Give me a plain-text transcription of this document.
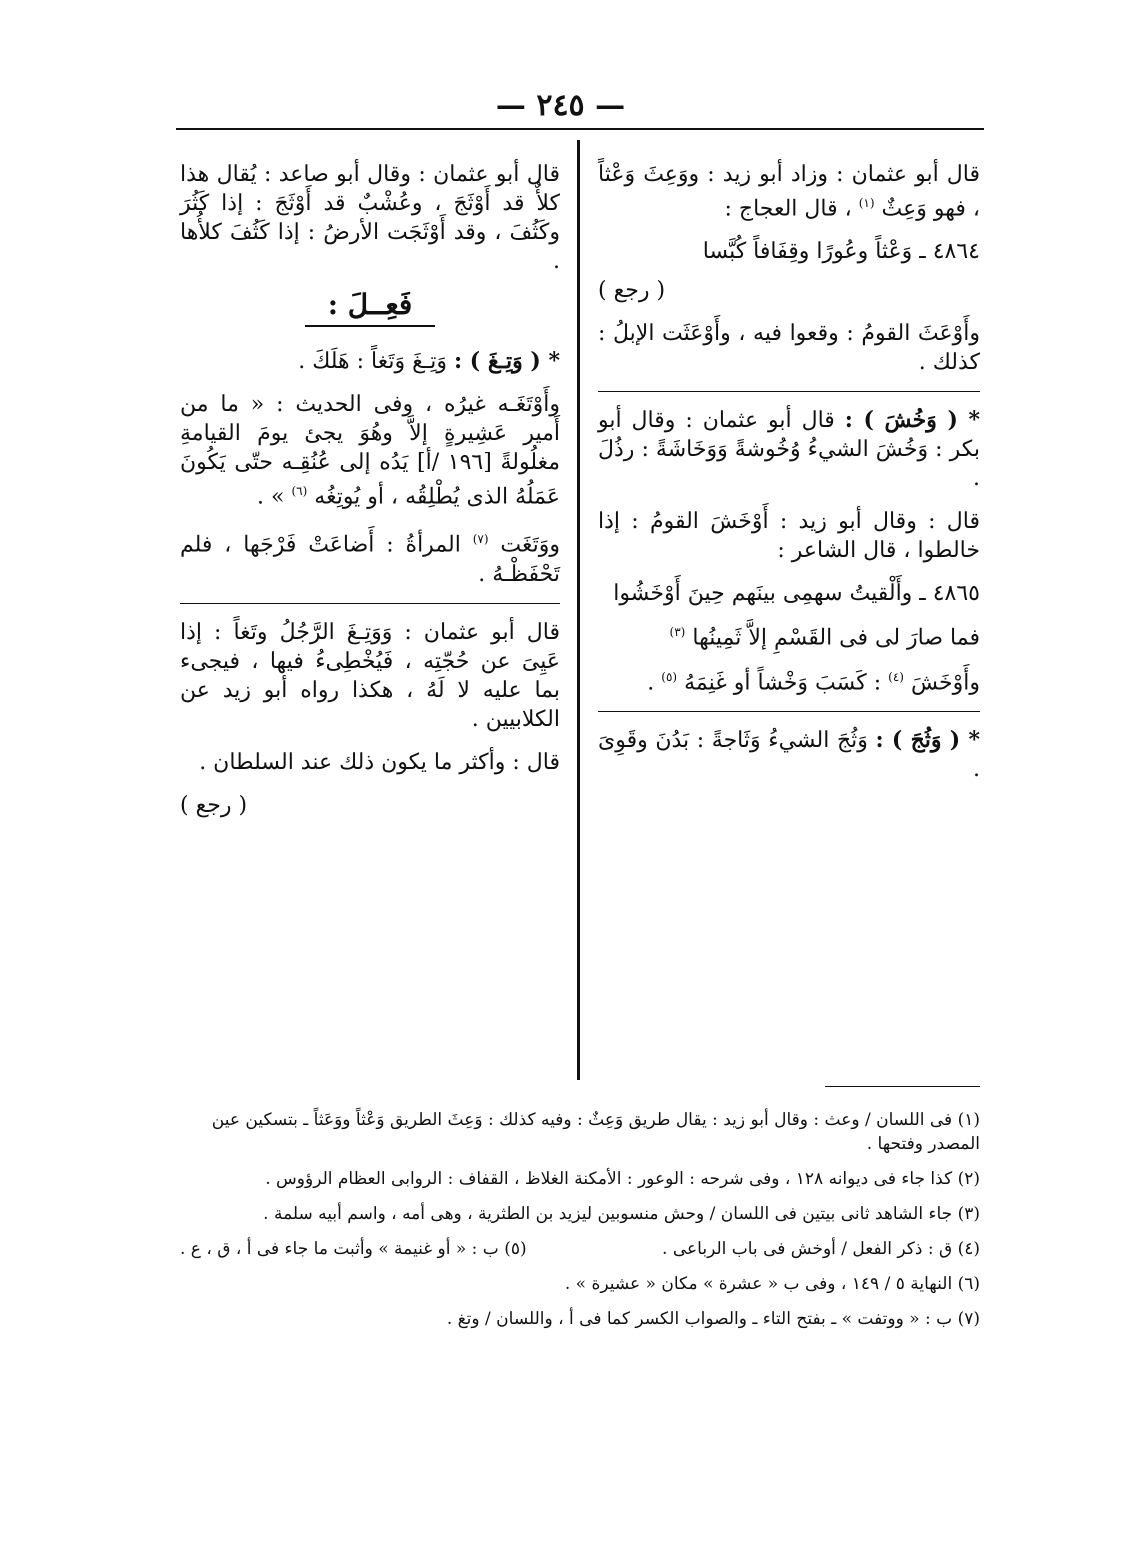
— ٢٤٥ —

قال أبو عثمان : وزاد أبو زيد : ووَعِثَ وَعْثاً ، فهو وَعِثٌ $^{(١)}$ ، قال العجاج :

٤٨٦٤ ـ وَعْثاً وعُورًا وقِفَافاً كُبَّسا

( رجع )

وأَوْعَثَ القومُ : وقعوا فيه ، وأَوْعَثَت الإبلُ : كذلك .

* ( وَخُشَ ) : قال أبو عثمان : وقال أبو بكر : وَخُشَ الشيءُ وُخُوشةً وَوَخَاشَةً : رذُلَ .

قال : وقال أبو زيد : أَوْخَشَ القومُ : إذا خالطوا ، قال الشاعر :

٤٨٦٥ ـ وأَلْقيتُ سهمِى بينَهم حِينَ أَوْخَشُوا

فما صارَ لى فى القَسْمِ إلاَّ ثَمِينُها $^{(٣)}$

وأَوْخَشَ $^{(٤)}$ : كَسَبَ وَخْشاً أو غَنِمَهُ $^{(٥)}$ .

* ( وَثُجَ ) : وَثُجَ الشيءُ وَثَاجةً : بَدُنَ وقَوِىَ .

قال أبو عثمان : وقال أبو صاعد : يُقال هذا كلأٌ قد أَوْثَجَ ، وعُشْبٌ قد أَوْثَجَ : إذا كَثُرَ وكَثُفَ ، وقد أَوْثَجَت الأرضُ : إذا كَثُفَ كلأُها .

فَعِــلَ :

* ( وَتِـغَ ) : وَتِـغَ وَتَغاً : هَلَكَ .

وأَوْتَغَـه غيرُه ، وفى الحديث : « ما من أَمير عَشِيرةٍ إلاَّ وهُوَ يجئ يومَ القيامةِ مغلُولةً [١٩٦ /أ] يَدُه إلى عُنُقِـه حتّى يَكُونَ عَمَلُهُ الذى يُطْلِقُه ، أو يُوتِغُه $^{(٦)}$ » .

ووَتَغَت $^{(٧)}$ المرأةُ : أَضاعَتْ فَرْجَها ، فلم تَحْفَظْـهُ .

قال أبو عثمان : وَوَتِـغَ الرَّجُلُ وتَغاً : إذا عَيِىَ عن حُجّتِه ، فَيُخْطِىءُ فيها ، فيجىء بما عليه لا لَهُ ، هكذا رواه أبو زيد عن الكلابيين .

قال : وأكثر ما يكون ذلك عند السلطان .

( رجع )

(١) فى اللسان / وعث : وقال أبو زيد : يقال طريق وَعِثٌ : وفيه كذلك : وَعِثَ الطريق وَعْثاً ووَعَثاً ـ بتسكين عين المصدر وفتحها .

(٢) كذا جاء فى ديوانه ١٢٨ ، وفى شرحه : الوعور : الأمكنة الغلاظ ، القفاف : الروابى العظام الرؤوس .

(٣) جاء الشاهد ثانى بيتين فى اللسان / وحش منسوبين ليزيد بن الطثرية ، وهى أمه ، واسم أبيه سلمة .

(٤) ق : ذكر الفعل / أوخش فى باب الرباعى .

(٥) ب : « أو غنيمة » وأثبت ما جاء فى أ ، ق ، ع .

(٦) النهاية ٥ / ١٤٩ ، وفى ب « عشرة » مكان « عشيرة » .

(٧) ب : « ووتفت » ـ بفتح التاء ـ والصواب الكسر كما فى أ ، واللسان / وتغ .
